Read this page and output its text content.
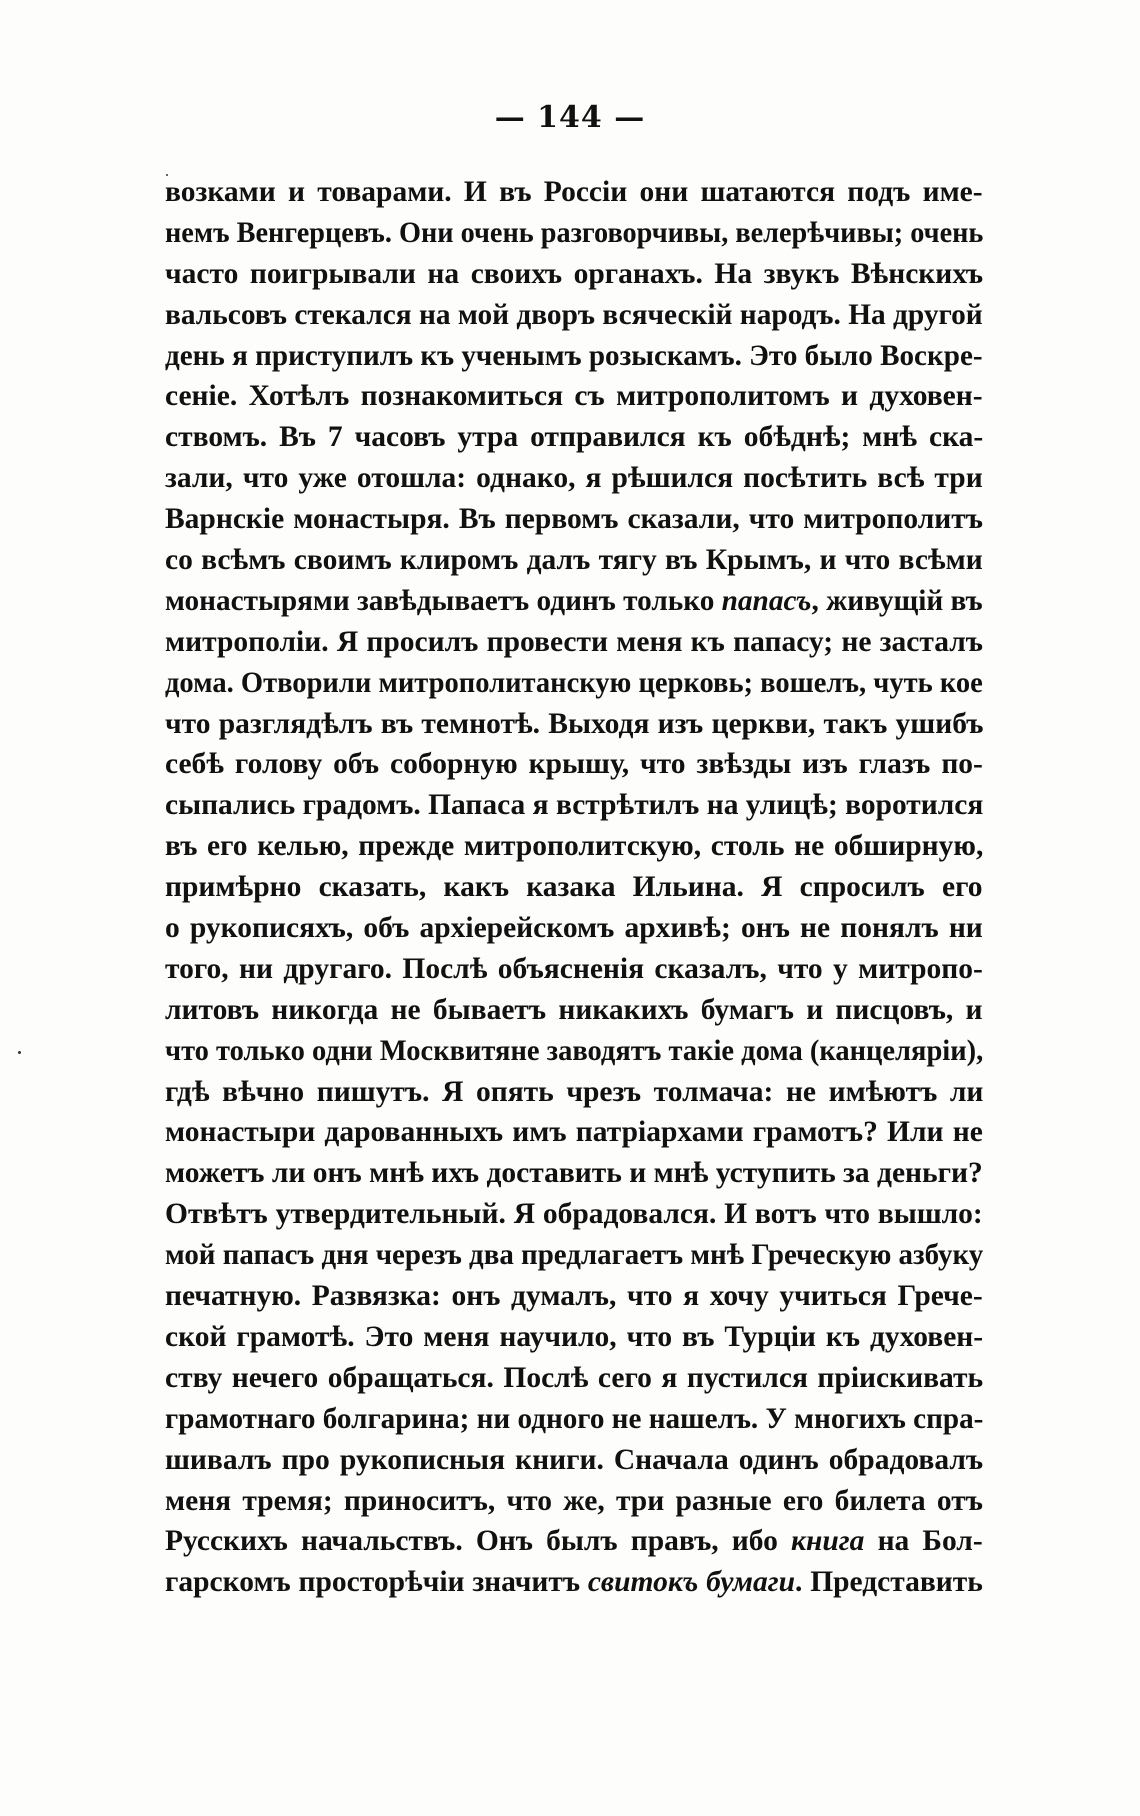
— 144 —
возками и товарами. И въ Россіи они шатаются подъ име-
немъ Венгерцевъ. Они очень разговорчивы, велерѣчивы; очень
часто поигрывали на своихъ органахъ. На звукъ Вѣнскихъ
вальсовъ стекался на мой дворъ всяческій народъ. На другой
день я приступилъ къ ученымъ розыскамъ. Это было Воскре-
сеніе. Хотѣлъ познакомиться съ митрополитомъ и духовен-
ствомъ. Въ 7 часовъ утра отправился къ обѣднѣ; мнѣ ска-
зали, что уже отошла: однако, я рѣшился посѣтить всѣ три
Варнскіе монастыря. Въ первомъ сказали, что митрополитъ
со всѣмъ своимъ клиромъ далъ тягу въ Крымъ, и что всѣми
монастырями завѣдываетъ одинъ только папасъ, живущій въ
митрополіи. Я просилъ провести меня къ папасу; не засталъ
дома. Отворили митрополитанскую церковь; вошелъ, чуть кое
что разглядѣлъ въ темнотѣ. Выходя изъ церкви, такъ ушибъ
себѣ голову объ соборную крышу, что звѣзды изъ глазъ по-
сыпались градомъ. Папаса я встрѣтилъ на улицѣ; воротился
въ его келью, прежде митрополитскую, столь не обширную,
примѣрно сказать, какъ казака Ильина. Я спросилъ его
о рукописяхъ, объ архіерейскомъ архивѣ; онъ не понялъ ни
того, ни другаго. Послѣ объясненія сказалъ, что у митропо-
литовъ никогда не бываетъ никакихъ бумагъ и писцовъ, и
что только одни Москвитяне заводятъ такіе дома (канцеляріи),
гдѣ вѣчно пишутъ. Я опять чрезъ толмача: не имѣютъ ли
монастыри дарованныхъ имъ патріархами грамотъ? Или не
можетъ ли онъ мнѣ ихъ доставить и мнѣ уступить за деньги?
Отвѣтъ утвердительный. Я обрадовался. И вотъ что вышло:
мой папасъ дня черезъ два предлагаетъ мнѣ Греческую азбуку
печатную. Развязка: онъ думалъ, что я хочу учиться Грече-
ской грамотѣ. Это меня научило, что въ Турціи къ духовен-
ству нечего обращаться. Послѣ сего я пустился пріискивать
грамотнаго болгарина; ни одного не нашелъ. У многихъ спра-
шивалъ про рукописныя книги. Сначала одинъ обрадовалъ
меня тремя; приноситъ, что же, три разные его билета отъ
Русскихъ начальствъ. Онъ былъ правъ, ибо книга на Бол-
гарскомъ просторѣчіи значитъ свитокъ бумаги. Представить
